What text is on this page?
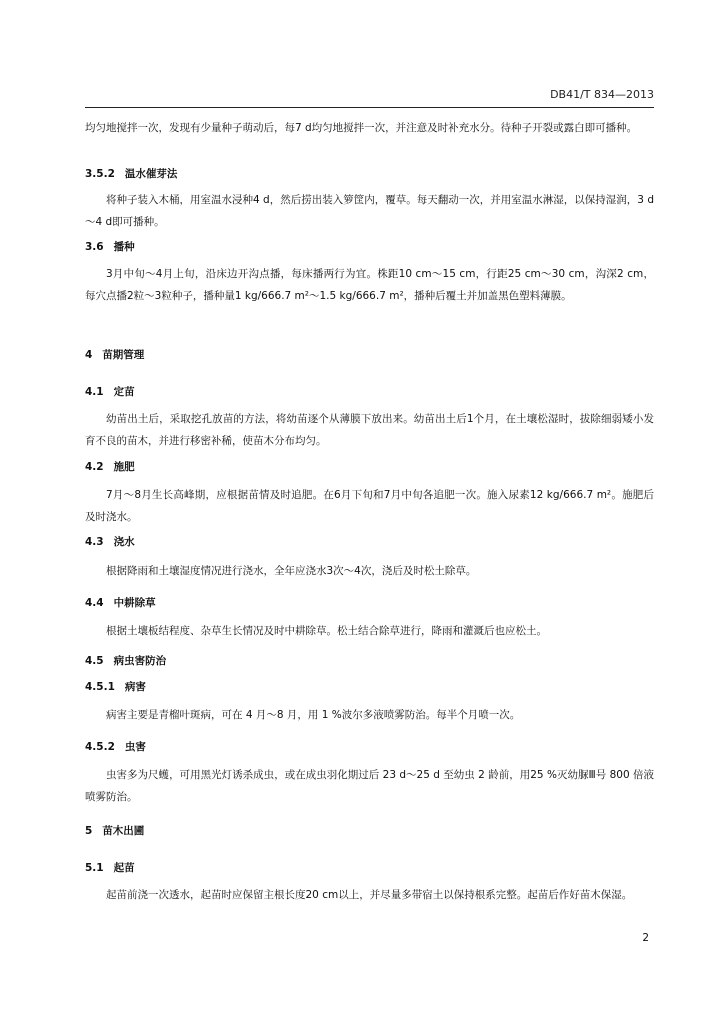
DB41/T 834—2013
均匀地搅拌一次，发现有少量种子萌动后，每7 d均匀地搅拌一次，并注意及时补充水分。待种子开裂或露白即可播种。
3.5.2 温水催芽法
将种子装入木桶，用室温水浸种4 d，然后捞出装入箩筐内，覆草。每天翻动一次，并用室温水淋湿，以保持湿润，3 d～4 d即可播种。
3.6 播种
3月中旬～4月上旬，沿床边开沟点播，每床播两行为宜。株距10 cm～15 cm，行距25 cm～30 cm，沟深2 cm，每穴点播2粒～3粒种子，播种量1 kg/666.7 m²～1.5 kg/666.7 m²，播种后覆土并加盖黑色塑料薄膜。
4 苗期管理
4.1 定苗
幼苗出土后，采取挖孔放苗的方法，将幼苗逐个从薄膜下放出来。幼苗出土后1个月，在土壤松湿时，拔除细弱矮小发育不良的苗木，并进行移密补稀，使苗木分布均匀。
4.2 施肥
7月～8月生长高峰期，应根据苗情及时追肥。在6月下旬和7月中旬各追肥一次。施入尿素12 kg/666.7 m²。施肥后及时浇水。
4.3 浇水
根据降雨和土壤湿度情况进行浇水，全年应浇水3次～4次，浇后及时松土除草。
4.4 中耕除草
根据土壤板结程度、杂草生长情况及时中耕除草。松土结合除草进行，降雨和灌溉后也应松土。
4.5 病虫害防治
4.5.1 病害
病害主要是青榴叶斑病，可在 4 月～8 月，用 1 %波尔多液喷雾防治。每半个月喷一次。
4.5.2 虫害
虫害多为尺蠖，可用黑光灯诱杀成虫，或在成虫羽化期过后 23 d～25 d 至幼虫 2 龄前，用25 %灭幼脲Ⅲ号 800 倍液喷雾防治。
5 苗木出圃
5.1 起苗
起苗前浇一次透水，起苗时应保留主根长度20 cm以上，并尽量多带宿土以保持根系完整。起苗后作好苗木保湿。
2
